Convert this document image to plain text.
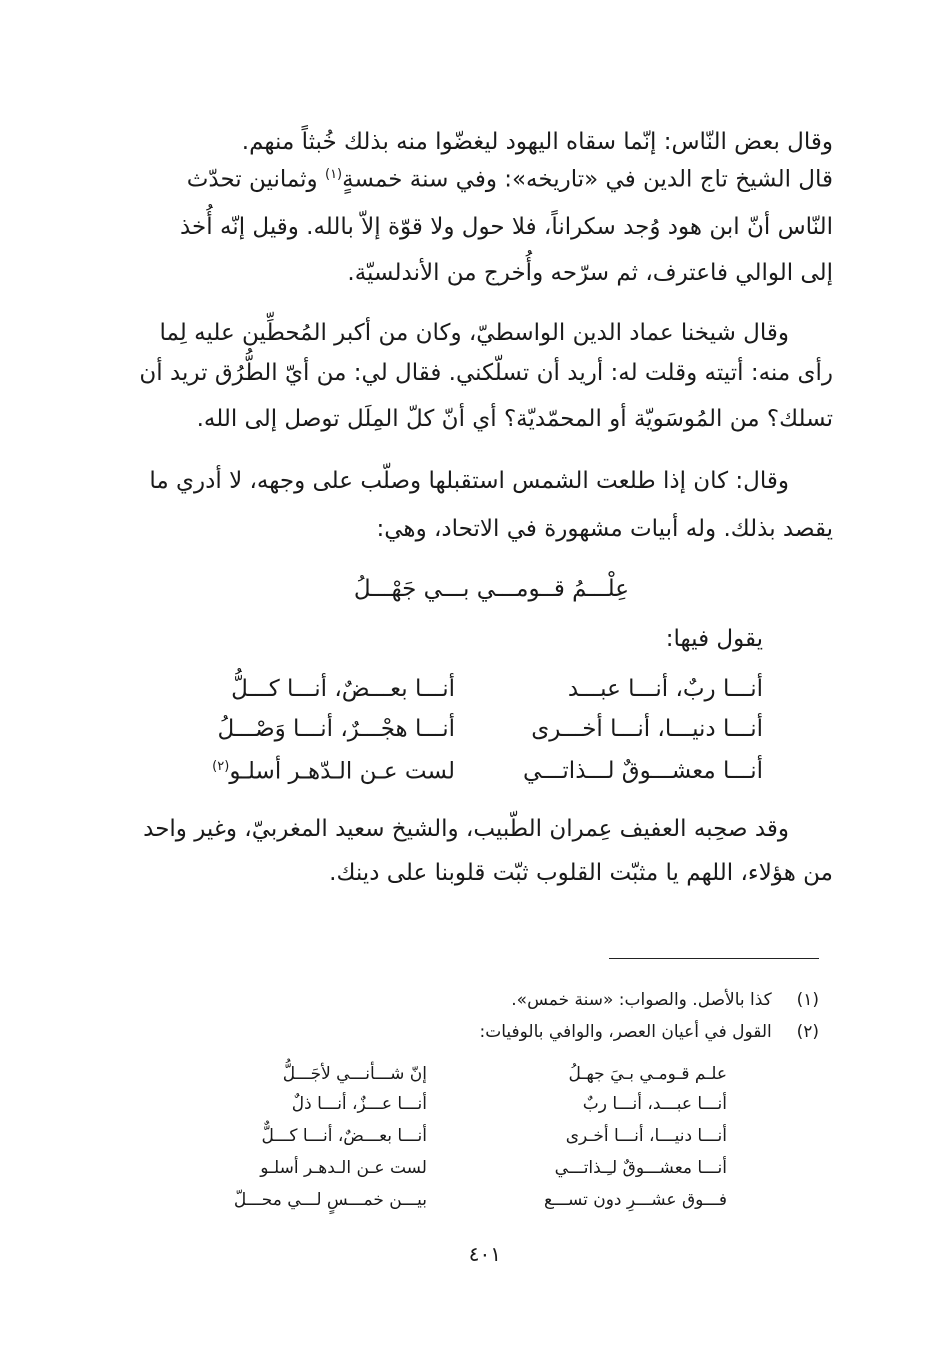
وقال بعض النّاس: إنّما سقاه اليهود ليغضّوا منه بذلك خُبثاً منهم.
قال الشيخ تاج الدين في «تاريخه»: وفي سنة خمسةٍ$^{(١)}$ وثمانين تحدّث
النّاس أنّ ابن هود وُجد سكراناً، فلا حول ولا قوّة إلاّ بالله. وقيل إنّه أُخذ
إلى الوالي فاعترف، ثم سرّحه وأُخرج من الأندلسيّة.
وقال شيخنا عماد الدين الواسطيّ، وكان من أكبر المُحطِّين عليه لِما
رأى منه: أتيته وقلت له: أريد أن تسلّكني. فقال لي: من أيّ الطُّرُق تريد أن
تسلك؟ من المُوسَويّة أو المحمّديّة؟ أي أنّ كلّ المِلَل توصل إلى الله.
وقال: كان إذا طلعت الشمس استقبلها وصلّب على وجهه، لا أدري ما
يقصد بذلك. وله أبيات مشهورة في الاتحاد، وهي:
عِلْـــمُ قــومـــي بـــي جَهْـــلُ
يقول فيها:
أنـــا ربٌ، أنـــا عبـــد
أنـــا بعـــضٌ، أنـــا كـــلُّ
أنـــا دنيـــا، أنـــا أخـــرى
أنـــا هجْـــرٌ، أنـــا وَصْـــلُ
أنـــا معشـــوقٌ لـــذاتـــي
لست عـن الـدّهـر أسلـو$^{(٢)}$
وقد صحِبه العفيف عِمران الطّبيب، والشيخ سعيد المغربيّ، وغير واحد
من هؤلاء، اللهم يا مثبّت القلوب ثبّت قلوبنا على دينك.
(١)  كذا بالأصل. والصواب: «سنة خمس».
(٢)  القول في أعيان العصر، والوافي بالوفيات:
علـم قـومـي بـيَ جهـلُ
إنّ شـــأنـــي لأجَـــلُّ
أنـــا عبـــد، أنـــا ربٌ
أنـــا عـــزٌ، أنـــا ذلٌ
أنـــا دنيـــا، أنـــا أخـرى
أنـــا بعـــضٌ، أنـــا كـــلٌّ
أنـــا معشـــوقٌ لـِـذاتـــي
لست عـن الـدهـر أسلـو
فـــوق عشـــرِ دون تســـع
بيـــن خمـــسٍ لـــي محـــلّ
٤٠١
